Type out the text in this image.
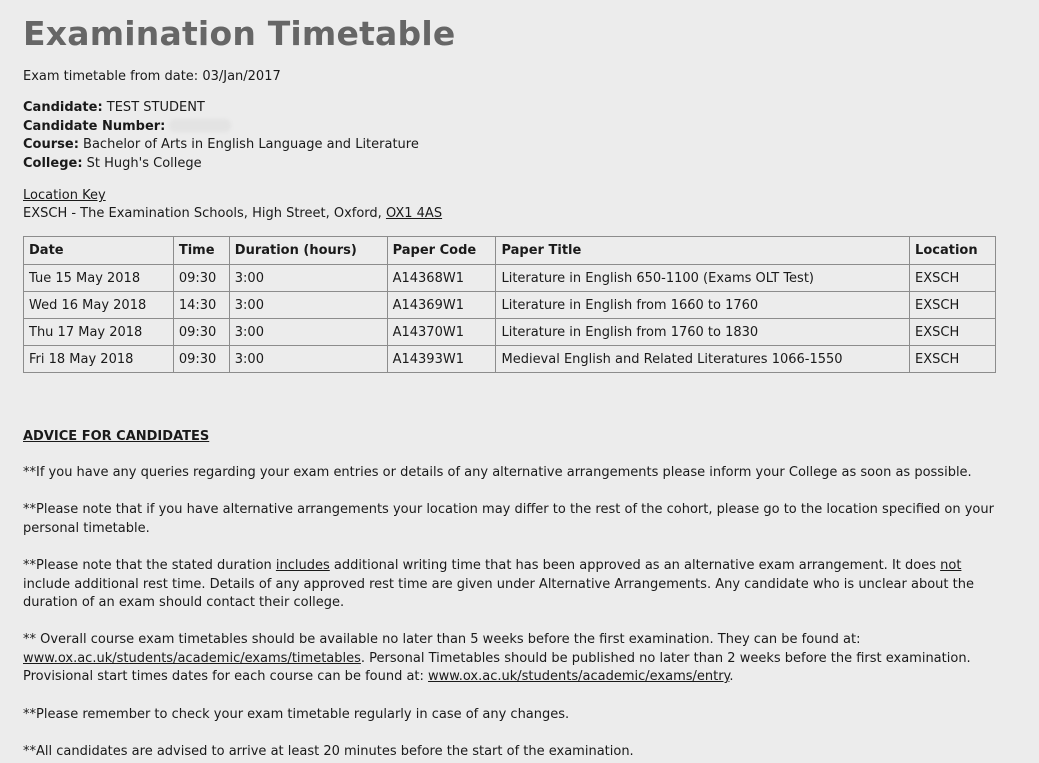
Examination Timetable
Exam timetable from date: 03/Jan/2017
Candidate: TEST STUDENT
Candidate Number:
Course: Bachelor of Arts in English Language and Literature
College: St Hugh's College
Location Key
EXSCH - The Examination Schools, High Street, Oxford, OX1 4AS
Date	Time	Duration (hours)	Paper Code	Paper Title	Location
Tue 15 May 2018	09:30	3:00	A14368W1	Literature in English 650-1100 (Exams OLT Test)	EXSCH
Wed 16 May 2018	14:30	3:00	A14369W1	Literature in English from 1660 to 1760	EXSCH
Thu 17 May 2018	09:30	3:00	A14370W1	Literature in English from 1760 to 1830	EXSCH
Fri 18 May 2018	09:30	3:00	A14393W1	Medieval English and Related Literatures 1066-1550	EXSCH
ADVICE FOR CANDIDATES

**If you have any queries regarding your exam entries or details of any alternative arrangements please inform your College as soon as possible.

**Please note that if you have alternative arrangements your location may differ to the rest of the cohort, please go to the location specified on your personal timetable.

**Please note that the stated duration includes additional writing time that has been approved as an alternative exam arrangement. It does not include additional rest time. Details of any approved rest time are given under Alternative Arrangements. Any candidate who is unclear about the duration of an exam should contact their college.

** Overall course exam timetables should be available no later than 5 weeks before the first examination. They can be found at: www.ox.ac.uk/students/academic/exams/timetables. Personal Timetables should be published no later than 2 weeks before the first examination. Provisional start times dates for each course can be found at: www.ox.ac.uk/students/academic/exams/entry.

**Please remember to check your exam timetable regularly in case of any changes.

**All candidates are advised to arrive at least 20 minutes before the start of the examination.
